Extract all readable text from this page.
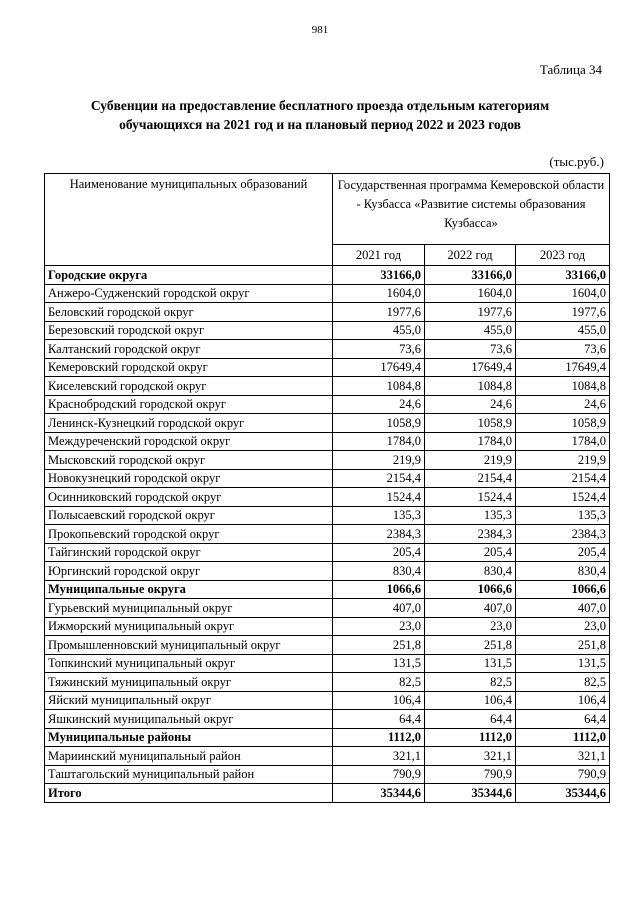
981
Таблица 34
Субвенции на предоставление бесплатного проезда отдельным категориям
обучающихся на 2021 год и на плановый период 2022 и 2023 годов
(тыс.руб.)
Наименование муниципальных образований	Государственная программа Кемеровской области - Кузбасса «Развитие системы образования Кузбасса»		
	2021 год	2022 год	2023 год
Городские округа	33166,0	33166,0	33166,0
Анжеро-Судженский городской округ	1604,0	1604,0	1604,0
Беловский городской округ	1977,6	1977,6	1977,6
Березовский городской округ	455,0	455,0	455,0
Калтанский городской округ	73,6	73,6	73,6
Кемеровский городской округ	17649,4	17649,4	17649,4
Киселевский городской округ	1084,8	1084,8	1084,8
Краснобродский городской округ	24,6	24,6	24,6
Ленинск-Кузнецкий городской округ	1058,9	1058,9	1058,9
Междуреченский городской округ	1784,0	1784,0	1784,0
Мысковский городской округ	219,9	219,9	219,9
Новокузнецкий городской округ	2154,4	2154,4	2154,4
Осинниковский городской округ	1524,4	1524,4	1524,4
Полысаевский городской округ	135,3	135,3	135,3
Прокопьевский городской округ	2384,3	2384,3	2384,3
Тайгинский городской округ	205,4	205,4	205,4
Юргинский городской округ	830,4	830,4	830,4
Муниципальные округа	1066,6	1066,6	1066,6
Гурьевский муниципальный округ	407,0	407,0	407,0
Ижморский муниципальный округ	23,0	23,0	23,0
Промышленновский муниципальный округ	251,8	251,8	251,8
Топкинский муниципальный округ	131,5	131,5	131,5
Тяжинский муниципальный округ	82,5	82,5	82,5
Яйский муниципальный округ	106,4	106,4	106,4
Яшкинский муниципальный округ	64,4	64,4	64,4
Муниципальные районы	1112,0	1112,0	1112,0
Мариинский муниципальный район	321,1	321,1	321,1
Таштагольский муниципальный район	790,9	790,9	790,9
Итого	35344,6	35344,6	35344,6
